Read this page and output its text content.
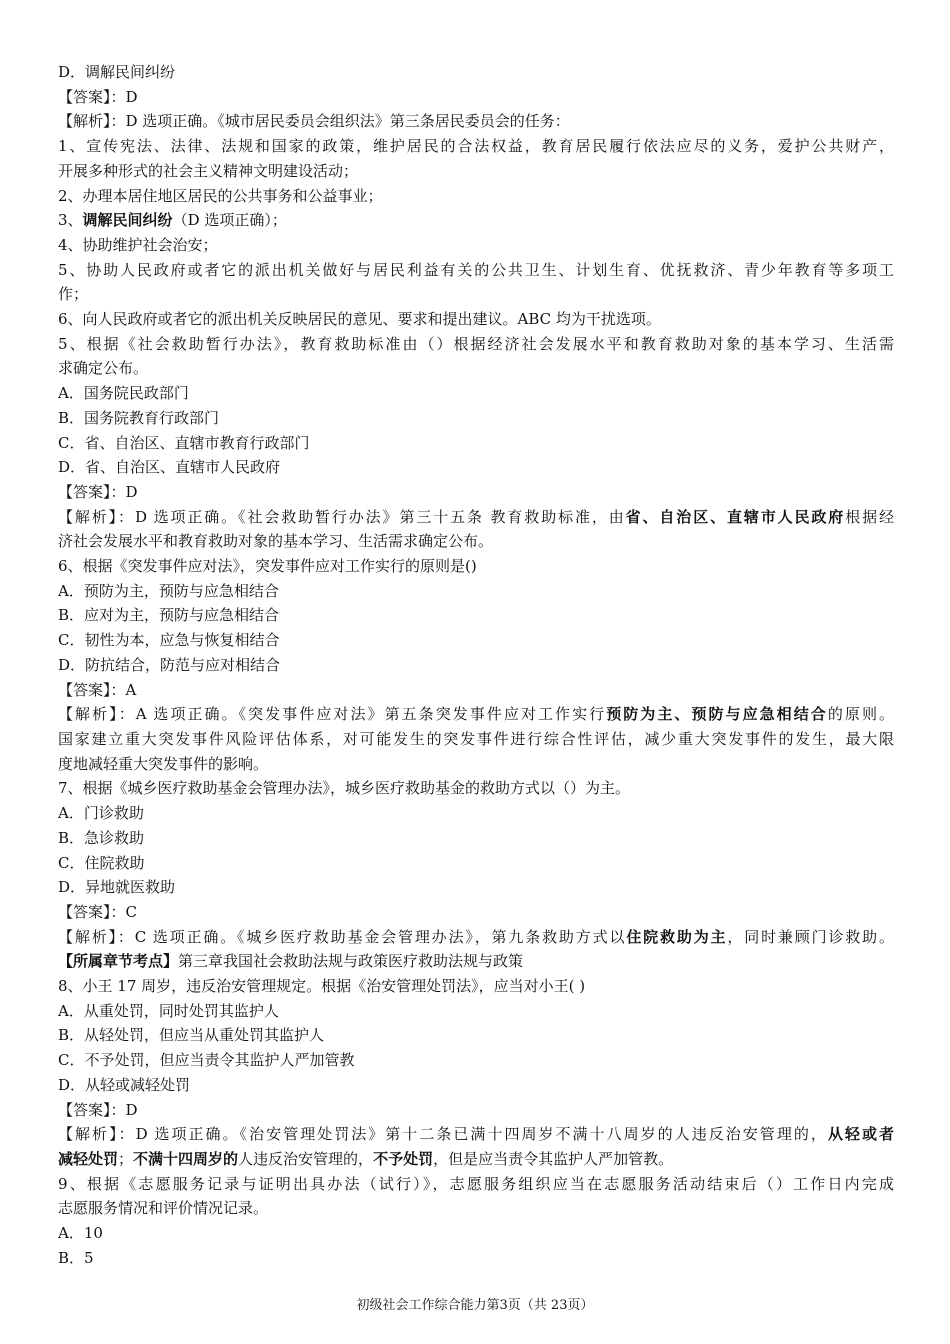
D．调解民间纠纷
【答案】：D
【解析】：D 选项正确。《城市居民委员会组织法》第三条居民委员会的任务：
1、宣传宪法、法律、法规和国家的政策，维护居民的合法权益，教育居民履行依法应尽的义务，爱护公共财产，
开展多种形式的社会主义精神文明建设活动；
2、办理本居住地区居民的公共事务和公益事业；
3、调解民间纠纷（D 选项正确）；
4、协助维护社会治安；
5、协助人民政府或者它的派出机关做好与居民利益有关的公共卫生、计划生育、优抚救济、青少年教育等多项工
作；
6、向人民政府或者它的派出机关反映居民的意见、要求和提出建议。ABC 均为干扰选项。
5、根据《社会救助暂行办法》，教育救助标准由（）根据经济社会发展水平和教育救助对象的基本学习、生活需
求确定公布。
A．国务院民政部门
B．国务院教育行政部门
C．省、自治区、直辖市教育行政部门
D．省、自治区、直辖市人民政府
【答案】：D
【解析】：D 选项正确。《社会救助暂行办法》第三十五条 教育救助标准，由省、自治区、直辖市人民政府根据经
济社会发展水平和教育救助对象的基本学习、生活需求确定公布。
6、根据《突发事件应对法》，突发事件应对工作实行的原则是()
A．预防为主，预防与应急相结合
B．应对为主，预防与应急相结合
C．韧性为本，应急与恢复相结合
D．防抗结合，防范与应对相结合
【答案】：A
【解析】：A 选项正确。《突发事件应对法》第五条突发事件应对工作实行预防为主、预防与应急相结合的原则。
国家建立重大突发事件风险评估体系，对可能发生的突发事件进行综合性评估，减少重大突发事件的发生，最大限
度地减轻重大突发事件的影响。
7、根据《城乡医疗救助基金会管理办法》，城乡医疗救助基金的救助方式以（）为主。
A．门诊救助
B．急诊救助
C．住院救助
D．异地就医救助
【答案】：C
【解析】：C 选项正确。《城乡医疗救助基金会管理办法》，第九条救助方式以住院救助为主，同时兼顾门诊救助。
【所属章节考点】第三章我国社会救助法规与政策医疗救助法规与政策
8、小王 17 周岁，违反治安管理规定。根据《治安管理处罚法》，应当对小王( )
A．从重处罚，同时处罚其监护人
B．从轻处罚，但应当从重处罚其监护人
C．不予处罚，但应当责令其监护人严加管教
D．从轻或减轻处罚
【答案】：D
【解析】：D 选项正确。《治安管理处罚法》第十二条已满十四周岁不满十八周岁的人违反治安管理的，从轻或者
减轻处罚；不满十四周岁的人违反治安管理的，不予处罚，但是应当责令其监护人严加管教。
9、根据《志愿服务记录与证明出具办法（试行）》，志愿服务组织应当在志愿服务活动结束后（）工作日内完成
志愿服务情况和评价情况记录。
A．10
B．5
初级社会工作综合能力第3页（共 23页）
